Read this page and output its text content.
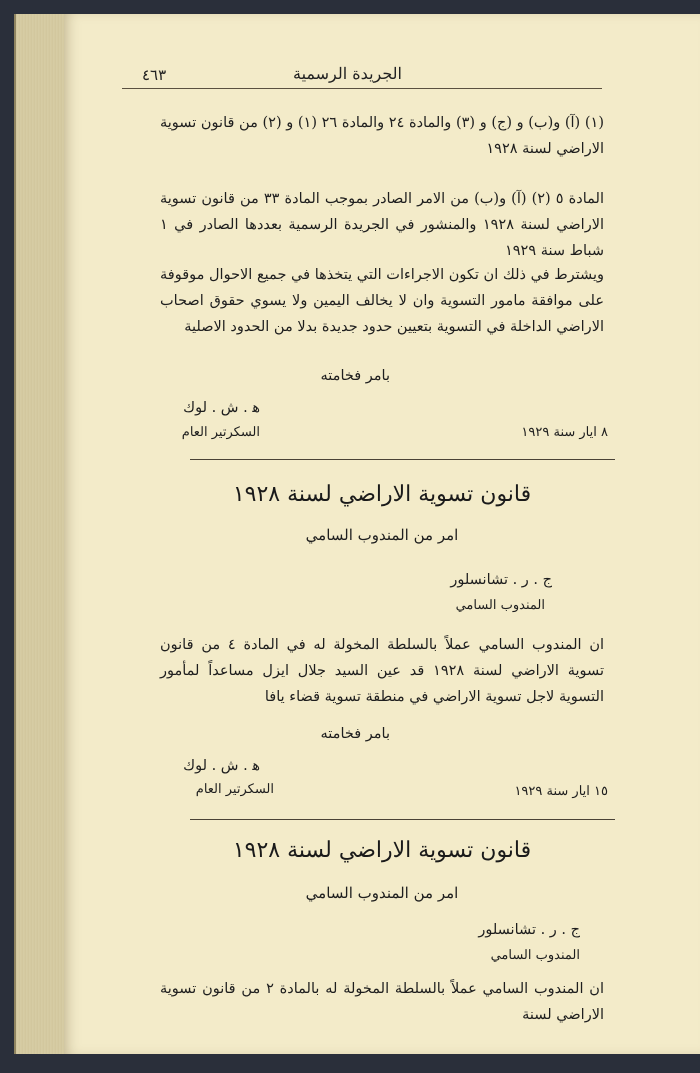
٤٦٣	الجريدة الرسمية

(١) (آ) و(ب) و (ج) و (٣) والمادة ٢٤ والمادة ٢٦ (١) و (٢) من قانون تسوية الاراضي لسنة ١٩٢٨

المادة ٥ (٢) (آ) و(ب) من الامر الصادر بموجب المادة ٣٣ من قانون تسوية الاراضي لسنة ١٩٢٨ والمنشور في الجريدة الرسمية بعددها الصادر في ١ شباط سنة ١٩٢٩

ويشترط في ذلك ان تكون الاجراءات التي يتخذها في جميع الاحوال موقوفة على موافقة مامور التسوية وان لا يخالف اليمين ولا يسوي حقوق اصحاب الاراضي الداخلة في التسوية بتعيين حدود جديدة بدلا من الحدود الاصلية

بامر فخامته
ﻫ . ش . لوك
السكرتير العام	٨ ايار سنة ١٩٢٩
قانون تسوية الاراضي لسنة ١٩٢٨
امر من المندوب السامي
ج . ر . تشانسلور
المندوب السامي

ان المندوب السامي عملاً بالسلطة المخولة له في المادة ٤ من قانون تسوية الاراضي لسنة ١٩٢٨ قد عين السيد جلال ايزل مساعداً لمأمور التسوية لاجل تسوية الاراضي في منطقة تسوية قضاء يافا

بامر فخامته
ﻫ . ش . لوك
السكرتير العام	١٥ ايار سنة ١٩٢٩
قانون تسوية الاراضي لسنة ١٩٢٨
امر من المندوب السامي
ج . ر . تشانسلور
المندوب السامي

ان المندوب السامي عملاً بالسلطة المخولة له بالمادة ٢ من قانون تسوية الاراضي لسنة
